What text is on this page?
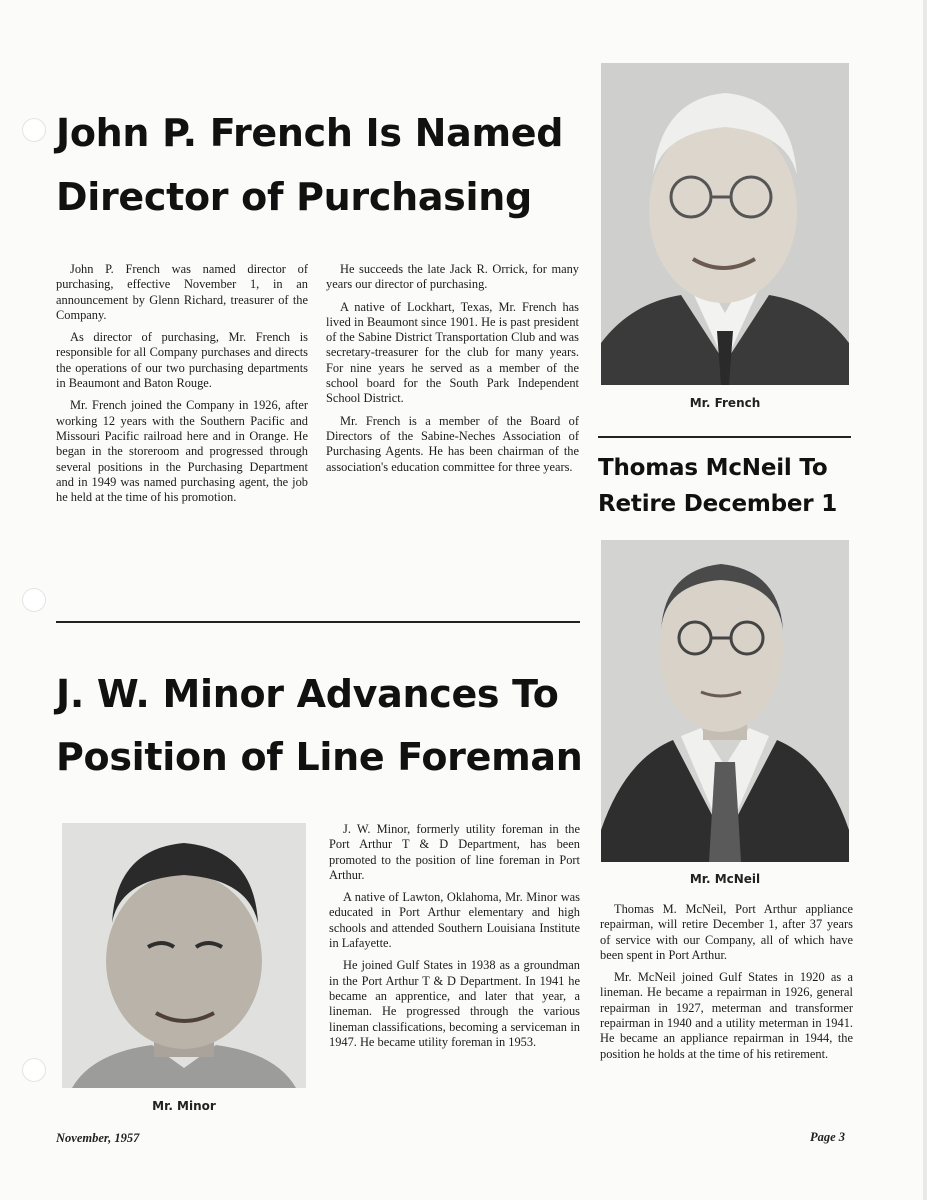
John P. French Is Named
Director of Purchasing

John P. French was named director of purchasing, effective November 1, in an announcement by Glenn Richard, treasurer of the Company.

As director of purchasing, Mr. French is responsible for all Company purchases and directs the operations of our two purchasing departments in Beaumont and Baton Rouge.

Mr. French joined the Company in 1926, after working 12 years with the Southern Pacific and Missouri Pacific railroad here and in Orange. He began in the storeroom and progressed through several positions in the Purchasing Department and in 1949 was named purchasing agent, the job he held at the time of his promotion.

He succeeds the late Jack R. Orrick, for many years our director of purchasing.

A native of Lockhart, Texas, Mr. French has lived in Beaumont since 1901. He is past president of the Sabine District Transportation Club and was secretary-treasurer for the club for many years. For nine years he served as a member of the school board for the South Park Independent School District.

Mr. French is a member of the Board of Directors of the Sabine-Neches Association of Purchasing Agents. He has been chairman of the association's education committee for three years.

Mr. French
Thomas McNeil To
Retire December 1
Mr. McNeil

Thomas M. McNeil, Port Arthur appliance repairman, will retire December 1, after 37 years of service with our Company, all of which have been spent in Port Arthur.

Mr. McNeil joined Gulf States in 1920 as a lineman. He became a repairman in 1926, general repairman in 1927, meterman and transformer repairman in 1940 and a utility meterman in 1941. He became an appliance repairman in 1944, the position he holds at the time of his retirement.

J. W. Minor Advances To
Position of Line Foreman
Mr. Minor

J. W. Minor, formerly utility foreman in the Port Arthur T & D Department, has been promoted to the position of line foreman in Port Arthur.

A native of Lawton, Oklahoma, Mr. Minor was educated in Port Arthur elementary and high schools and attended Southern Louisiana Institute in Lafayette.

He joined Gulf States in 1938 as a groundman in the Port Arthur T & D Department. In 1941 he became an apprentice, and later that year, a lineman. He progressed through the various lineman classifications, becoming a serviceman in 1947. He became utility foreman in 1953.

November, 1957	Page 3
